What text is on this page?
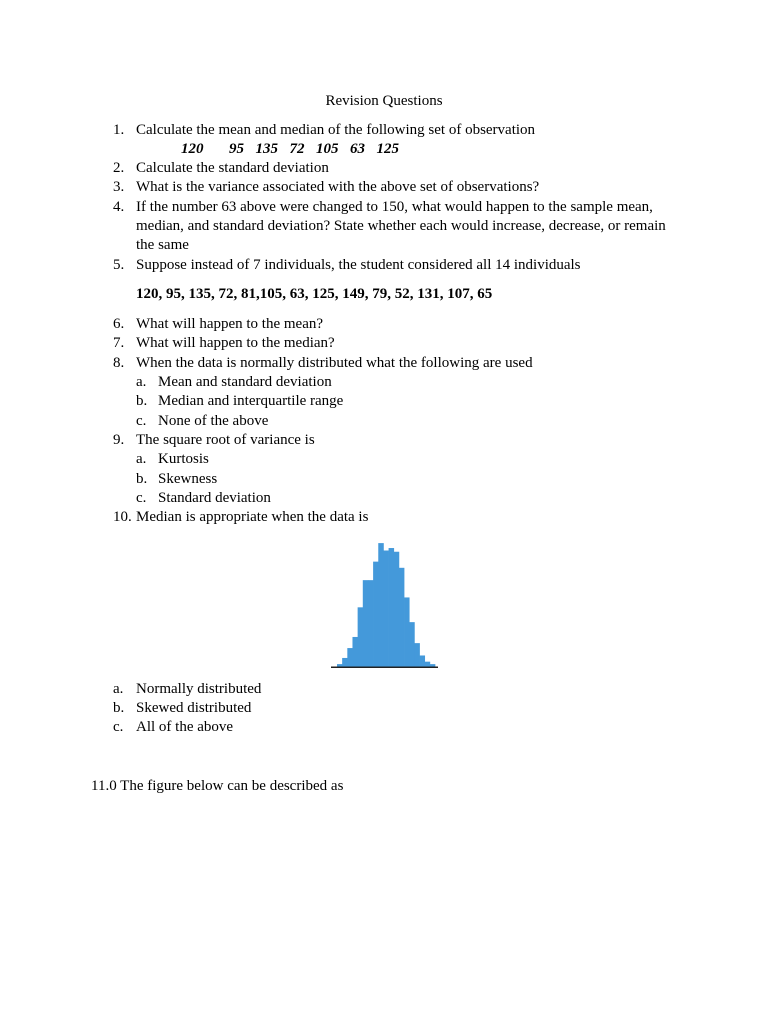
Revision Questions
1. Calculate the mean and median of the following set of observation
120 95 135 72 105 63 125
2. Calculate the standard deviation
3. What is the variance associated with the above set of observations?
4. If the number 63 above were changed to 150, what would happen to the sample mean, median, and standard deviation? State whether each would increase, decrease, or remain the same
5. Suppose instead of 7 individuals, the student considered all 14 individuals
120, 95, 135, 72, 81,105, 63, 125, 149, 79, 52, 131, 107, 65
6. What will happen to the mean?
7. What will happen to the median?
8. When the data is normally distributed what the following are used
a. Mean and standard deviation
b. Median and interquartile range
c. None of the above
9. The square root of variance is
a. Kurtosis
b. Skewness
c. Standard deviation
10. Median is appropriate when the data is
a. Normally distributed
b. Skewed distributed
c. All of the above
11.0 The figure below can be described as
